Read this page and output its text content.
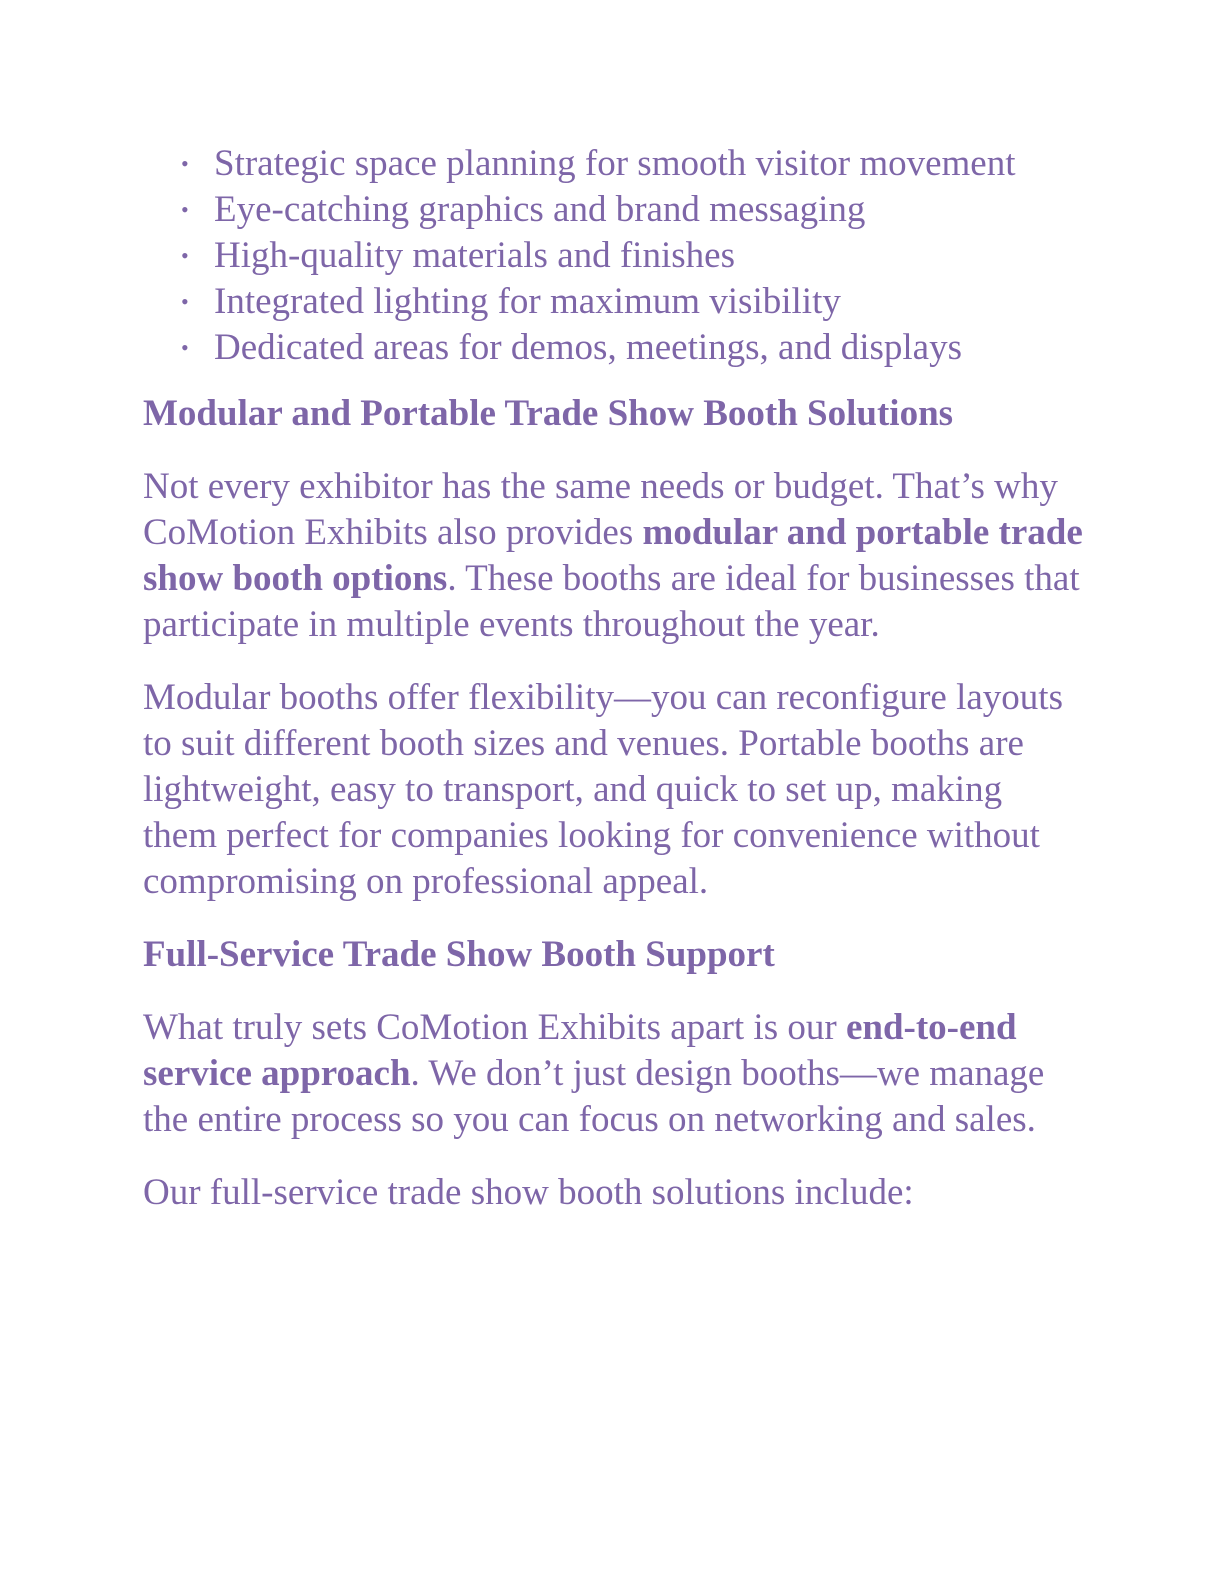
• Strategic space planning for smooth visitor movement
• Eye-catching graphics and brand messaging
• High-quality materials and finishes
• Integrated lighting for maximum visibility
• Dedicated areas for demos, meetings, and displays
Modular and Portable Trade Show Booth Solutions

Not every exhibitor has the same needs or budget. That’s why CoMotion Exhibits also provides modular and portable trade show booth options. These booths are ideal for businesses that participate in multiple events throughout the year.

Modular booths offer flexibility—you can reconfigure layouts to suit different booth sizes and venues. Portable booths are lightweight, easy to transport, and quick to set up, making them perfect for companies looking for convenience without compromising on professional appeal.

Full-Service Trade Show Booth Support

What truly sets CoMotion Exhibits apart is our end-to-end service approach. We don’t just design booths—we manage the entire process so you can focus on networking and sales.

Our full-service trade show booth solutions include:
